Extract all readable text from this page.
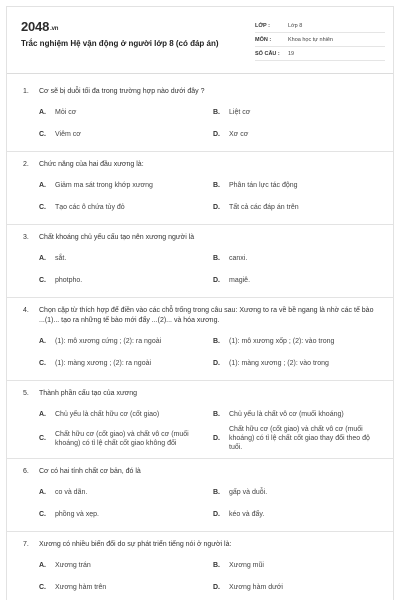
2048.vn
Trắc nghiệm Hệ vận động ở người lớp 8 (có đáp án)
LỚP :	Lớp 8
MÔN :	Khoa học tự nhiên
SỐ CÂU :	19
1.	Cơ sẽ bị duỗi tối đa trong trường hợp nào dưới đây ?
A.	Mỏi cơ	B.	Liệt cơ
C.	Viêm cơ	D.	Xơ cơ
2.	Chức năng của hai đầu xương là:
A.	Giảm ma sát trong khớp xương	B.	Phân tán lực tác động
C.	Tạo các ô chứa tủy đỏ	D.	Tất cả các đáp án trên
3.	Chất khoáng chủ yếu cấu tạo nên xương người là
A.	sắt.	B.	canxi.
C.	photpho.	D.	magiê.
4.	Chọn cặp từ thích hợp để điền vào các chỗ trống trong câu sau: Xương to ra về bề ngang là nhờ các tế bào ...(1)... tạo ra những tế bào mới đẩy ...(2)... và hóa xương.
A.	(1): mô xương cứng ; (2): ra ngoài	B.	(1): mô xương xốp ; (2): vào trong
C.	(1): màng xương ; (2): ra ngoài	D.	(1): màng xương ; (2): vào trong
5.	Thành phần cấu tạo của xương
A.	Chủ yếu là chất hữu cơ (cốt giao)	B.	Chủ yếu là chất vô cơ (muối khoáng)
C.
Chất hữu cơ (cốt giao) và chất vô cơ (muối khoáng) có tỉ lệ chất cốt giao không đổi
D.
Chất hữu cơ (cốt giao) và chất vô cơ (muối khoáng) có tỉ lệ chất cốt giao thay đổi theo độ tuổi.
6.	Cơ có hai tính chất cơ bản, đó là
A.	co và dãn.	B.	gấp và duỗi.
C.	phồng và xẹp.	D.	kéo và đẩy.
7.	Xương có nhiều biến đổi do sự phát triển tiếng nói ở người là:
A.	Xương trán	B.	Xương mũi
C.	Xương hàm trên	D.	Xương hàm dưới
